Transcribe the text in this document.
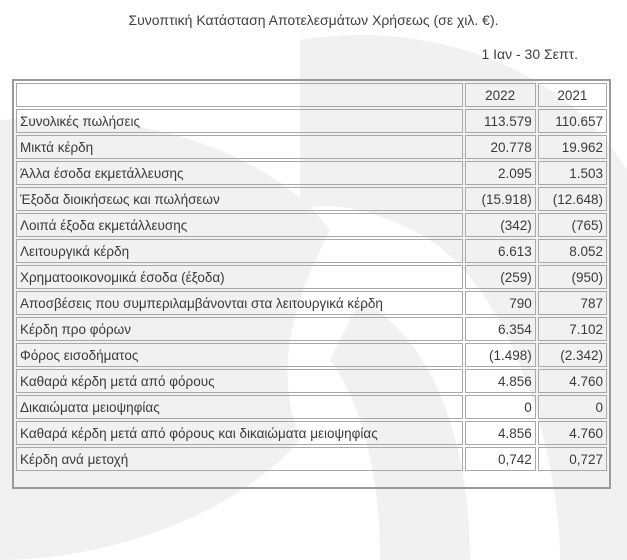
Συνοπτική Κατάσταση Αποτελεσμάτων Χρήσεως (σε χιλ. €).
1 Ιαν - 30 Σεπτ.
	2022	2021
Συνολικές πωλήσεις	113.579	110.657
Μικτά κέρδη	20.778	19.962
Άλλα έσοδα εκμετάλλευσης	2.095	1.503
Έξοδα διοικήσεως και πωλήσεων	(15.918)	(12.648)
Λοιπά έξοδα εκμετάλλευσης	(342)	(765)
Λειτουργικά κέρδη	6.613	8.052
Χρηματοοικονομικά έσοδα (έξοδα)	(259)	(950)
Αποσβέσεις που συμπεριλαμβάνονται στα λειτουργικά κέρδη	790	787
Κέρδη προ φόρων	6.354	7.102
Φόρος εισοδήματος	(1.498)	(2.342)
Καθαρά κέρδη μετά από φόρους	4.856	4.760
Δικαιώματα μειοψηφίας	0	0
Καθαρά κέρδη μετά από φόρους και δικαιώματα μειοψηφίας	4.856	4.760
Κέρδη ανά μετοχή	0,742	0,727
